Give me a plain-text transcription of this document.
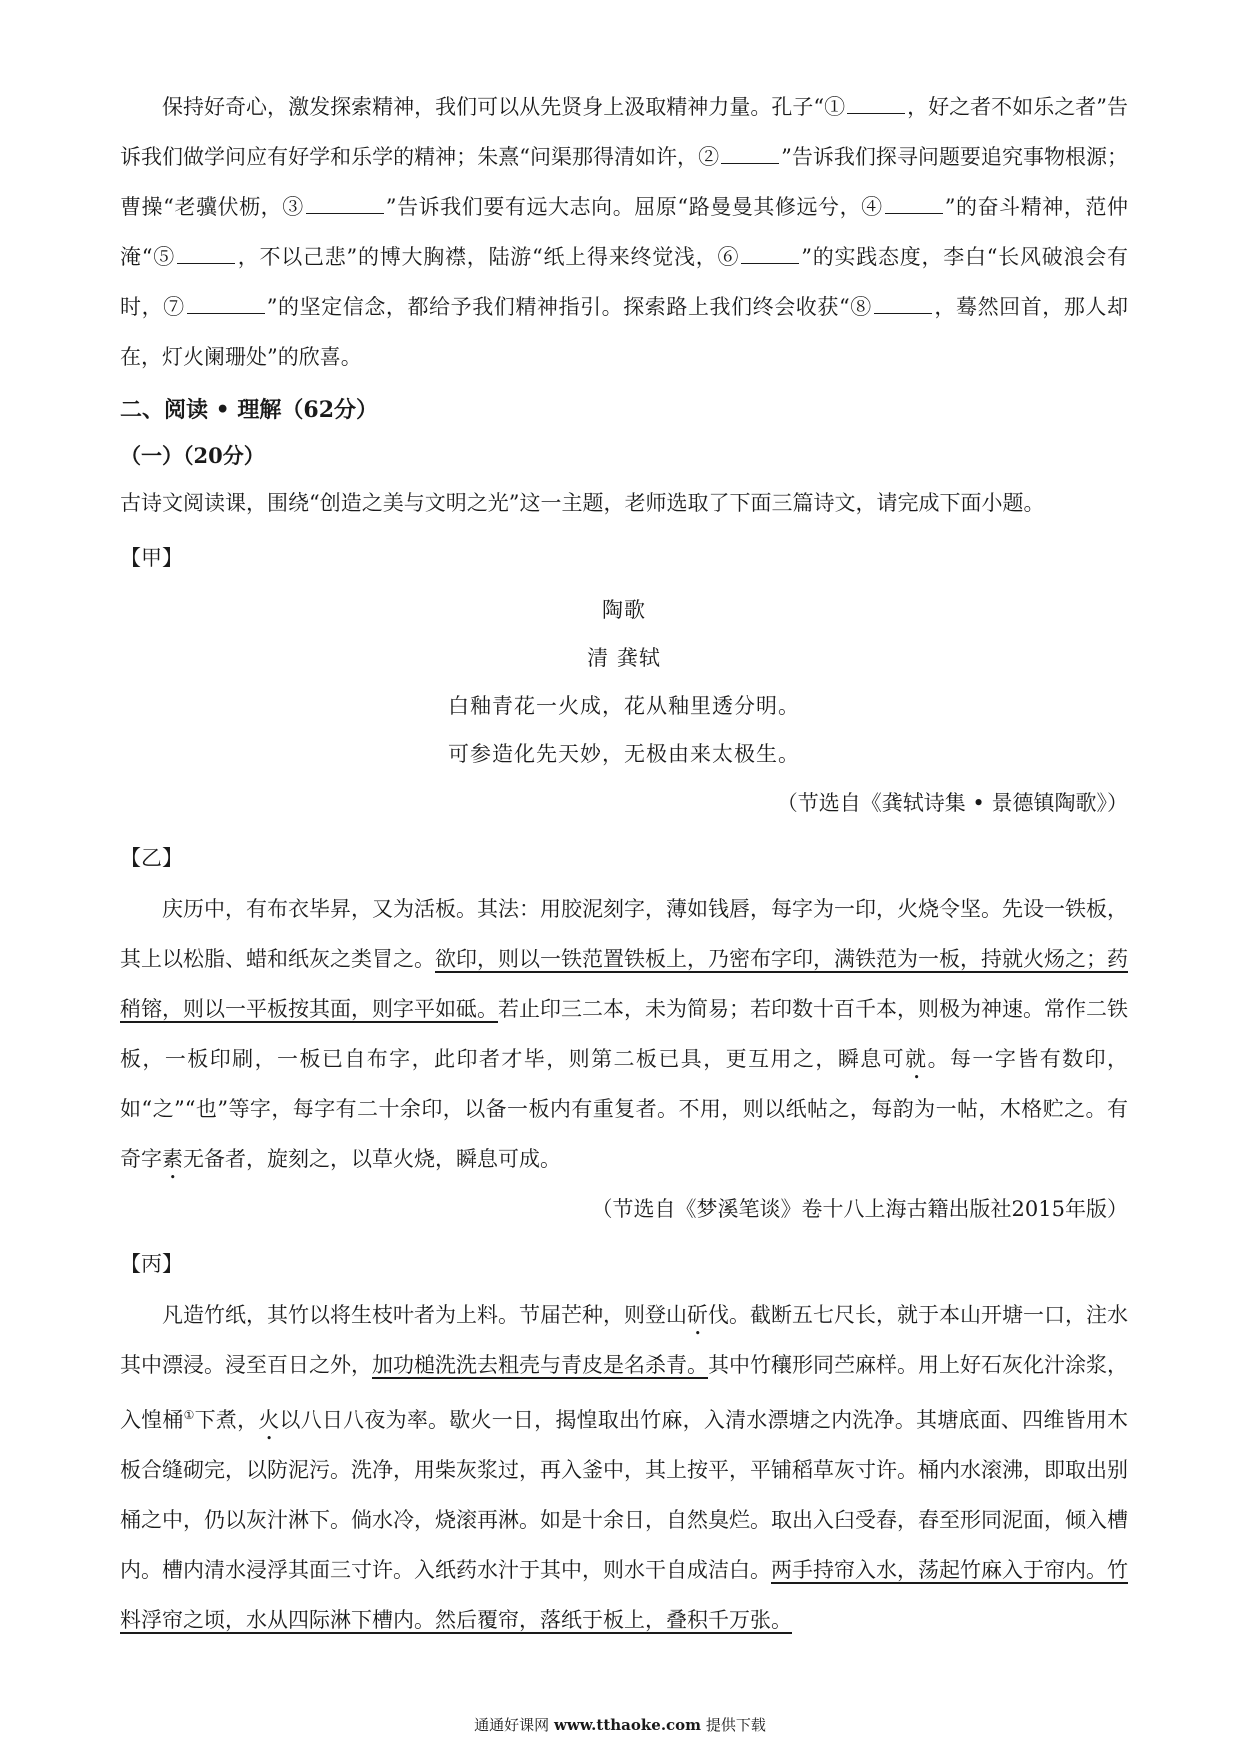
保持好奇心，激发探索精神，我们可以从先贤身上汲取精神力量。孔子“①	，好之者不如乐之者”告诉我们做学问应有好学和乐学的精神；朱熹“问渠那得清如许，②	”告诉我们探寻问题要追究事物根源；曹操“老骥伏枥，③	”告诉我们要有远大志向。屈原“路曼曼其修远兮，④	”的奋斗精神，范仲淹“⑤	，不以己悲”的博大胸襟，陆游“纸上得来终觉浅，⑥	”的实践态度，李白“长风破浪会有时，⑦	”的坚定信念，都给予我们精神指引。探索路上我们终会收获“⑧	，蓦然回首，那人却在，灯火阑珊处”的欣喜。

二、阅读 • 理解（62分）

（一）（20分）

古诗文阅读课，围绕“创造之美与文明之光”这一主题，老师选取了下面三篇诗文，请完成下面小题。

【甲】

陶歌

清 龚轼

白釉青花一火成，花从釉里透分明。

可参造化先天妙，无极由来太极生。

（节选自《龚轼诗集 • 景德镇陶歌》）

【乙】

庆历中，有布衣毕昇，又为活板。其法：用胶泥刻字，薄如钱唇，每字为一印，火烧令坚。先设一铁板，其上以松脂、蜡和纸灰之类冒之。欲印，则以一铁范置铁板上，乃密布字印，满铁范为一板，持就火炀之；药稍镕，则以一平板按其面，则字平如砥。若止印三二本，未为简易；若印数十百千本，则极为神速。常作二铁板，一板印刷，一板已自布字，此印者才毕，则第二板已具，更互用之，瞬息可就。每一字皆有数印，如“之”“也”等字，每字有二十余印，以备一板内有重复者。不用，则以纸帖之，每韵为一帖，木格贮之。有奇字素无备者，旋刻之，以草火烧，瞬息可成。

（节选自《梦溪笔谈》卷十八上海古籍出版社2015年版）

【丙】

凡造竹纸，其竹以将生枝叶者为上料。节届芒种，则登山斫伐。截断五七尺长，就于本山开塘一口，注水其中漂浸。浸至百日之外，加功槌洗洗去粗壳与青皮是名杀青。其中竹穰形同苎麻样。用上好石灰化汁涂浆，入惶桶①下煮，火以八日八夜为率。歇火一日，揭惶取出竹麻，入清水漂塘之内洗净。其塘底面、四维皆用木板合缝砌完，以防泥污。洗净，用柴灰浆过，再入釜中，其上按平，平铺稻草灰寸许。桶内水滚沸，即取出别桶之中，仍以灰汁淋下。倘水冷，烧滚再淋。如是十余日，自然臭烂。取出入臼受舂，舂至形同泥面，倾入槽内。槽内清水浸浮其面三寸许。入纸药水汁于其中，则水干自成洁白。两手持帘入水，荡起竹麻入于帘内。竹料浮帘之顷，水从四际淋下槽内。然后覆帘，落纸于板上，叠积千万张。

通通好课网 www.tthaoke.com 提供下载
